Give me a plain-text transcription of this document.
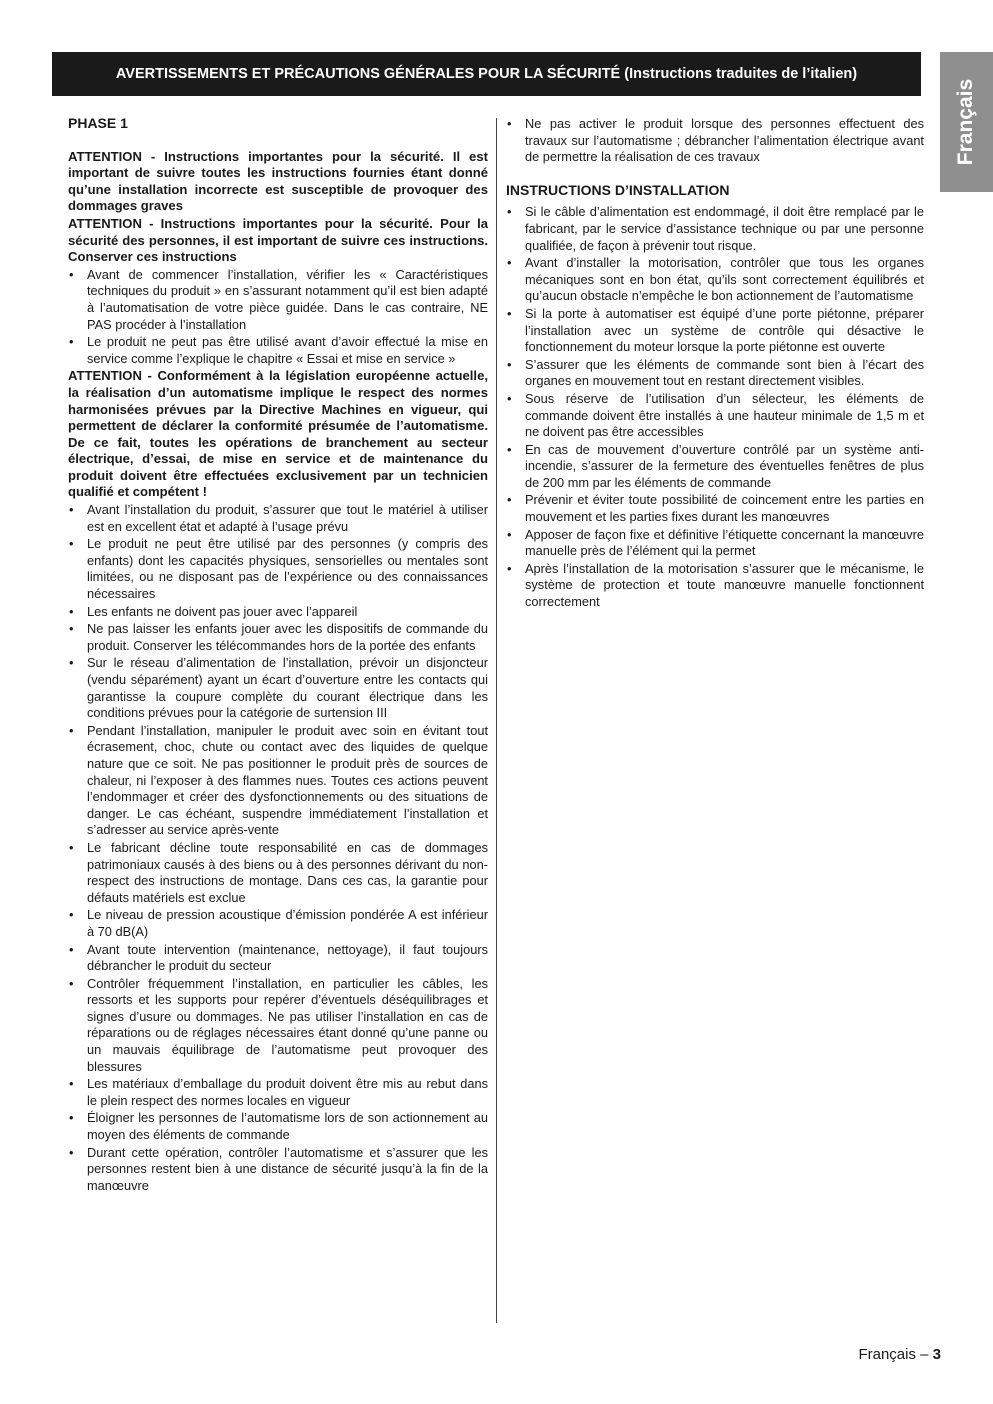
AVERTISSEMENTS ET PRÉCAUTIONS GÉNÉRALES POUR LA SÉCURITÉ (Instructions traduites de l’italien)
Français

PHASE 1

ATTENTION - Instructions importantes pour la sécurité. Il est important de suivre toutes les instructions fournies étant donné qu’une installation incorrecte est susceptible de provoquer des dommages graves

ATTENTION - Instructions importantes pour la sécurité. Pour la sécurité des personnes, il est important de suivre ces instructions. Conserver ces instructions

• Avant de commencer l’installation, vérifier les « Caractéristiques techniques du produit » en s’assurant notamment qu’il est bien adapté à l’automatisation de votre pièce guidée. Dans le cas contraire, NE PAS procéder à l’installation
• Le produit ne peut pas être utilisé avant d’avoir effectué la mise en service comme l’explique le chapitre « Essai et mise en service »

ATTENTION - Conformément à la législation européenne actuelle, la réalisation d’un automatisme implique le respect des normes harmonisées prévues par la Directive Machines en vigueur, qui permettent de déclarer la conformité présumée de l’automatisme. De ce fait, toutes les opérations de branchement au secteur électrique, d’essai, de mise en service et de maintenance du produit doivent être effectuées exclusivement par un technicien qualifié et compétent !

• Avant l’installation du produit, s’assurer que tout le matériel à utiliser est en excellent état et adapté à l’usage prévu
• Le produit ne peut être utilisé par des personnes (y compris des enfants) dont les capacités physiques, sensorielles ou mentales sont limitées, ou ne disposant pas de l’expérience ou des connaissances nécessaires
• Les enfants ne doivent pas jouer avec l’appareil
• Ne pas laisser les enfants jouer avec les dispositifs de commande du produit. Conserver les télécommandes hors de la portée des enfants
• Sur le réseau d’alimentation de l’installation, prévoir un disjoncteur (vendu séparément) ayant un écart d’ouverture entre les contacts qui garantisse la coupure complète du courant électrique dans les conditions prévues pour la catégorie de surtension III
• Pendant l’installation, manipuler le produit avec soin en évitant tout écrasement, choc, chute ou contact avec des liquides de quelque nature que ce soit. Ne pas positionner le produit près de sources de chaleur, ni l’exposer à des flammes nues. Toutes ces actions peuvent l’endommager et créer des dysfonctionnements ou des situations de danger. Le cas échéant, suspendre immédiatement l’installation et s’adresser au service après-vente
• Le fabricant décline toute responsabilité en cas de dommages patrimoniaux causés à des biens ou à des personnes dérivant du non-respect des instructions de montage. Dans ces cas, la garantie pour défauts matériels est exclue
• Le niveau de pression acoustique d’émission pondérée A est inférieur à 70 dB(A)
• Avant toute intervention (maintenance, nettoyage), il faut toujours débrancher le produit du secteur
• Contrôler fréquemment l’installation, en particulier les câbles, les ressorts et les supports pour repérer d’éventuels déséquilibrages et signes d’usure ou dommages. Ne pas utiliser l’installation en cas de réparations ou de réglages nécessaires étant donné qu’une panne ou un mauvais équilibrage de l’automatisme peut provoquer des blessures
• Les matériaux d’emballage du produit doivent être mis au rebut dans le plein respect des normes locales en vigueur
• Éloigner les personnes de l’automatisme lors de son actionnement au moyen des éléments de commande
• Durant cette opération, contrôler l’automatisme et s’assurer que les personnes restent bien à une distance de sécurité jusqu’à la fin de la manœuvre
• Ne pas activer le produit lorsque des personnes effectuent des travaux sur l’automatisme ; débrancher l’alimentation électrique avant de permettre la réalisation de ces travaux

INSTRUCTIONS D’INSTALLATION

• Si le câble d’alimentation est endommagé, il doit être remplacé par le fabricant, par le service d’assistance technique ou par une personne qualifiée, de façon à prévenir tout risque.
• Avant d’installer la motorisation, contrôler que tous les organes mécaniques sont en bon état, qu’ils sont correctement équilibrés et qu’aucun obstacle n’empêche le bon actionnement de l’automatisme
• Si la porte à automatiser est équipé d’une porte piétonne, préparer l’installation avec un système de contrôle qui désactive le fonctionnement du moteur lorsque la porte piétonne est ouverte
• S’assurer que les éléments de commande sont bien à l’écart des organes en mouvement tout en restant directement visibles.
• Sous réserve de l’utilisation d’un sélecteur, les éléments de commande doivent être installés à une hauteur minimale de 1,5 m et ne doivent pas être accessibles
• En cas de mouvement d’ouverture contrôlé par un système anti-incendie, s’assurer de la fermeture des éventuelles fenêtres de plus de 200 mm par les éléments de commande
• Prévenir et éviter toute possibilité de coincement entre les parties en mouvement et les parties fixes durant les manœuvres
• Apposer de façon fixe et définitive l’étiquette concernant la manœuvre manuelle près de l’élément qui la permet
• Après l’installation de la motorisation s’assurer que le mécanisme, le système de protection et toute manœuvre manuelle fonctionnent correctement
Français – 3
